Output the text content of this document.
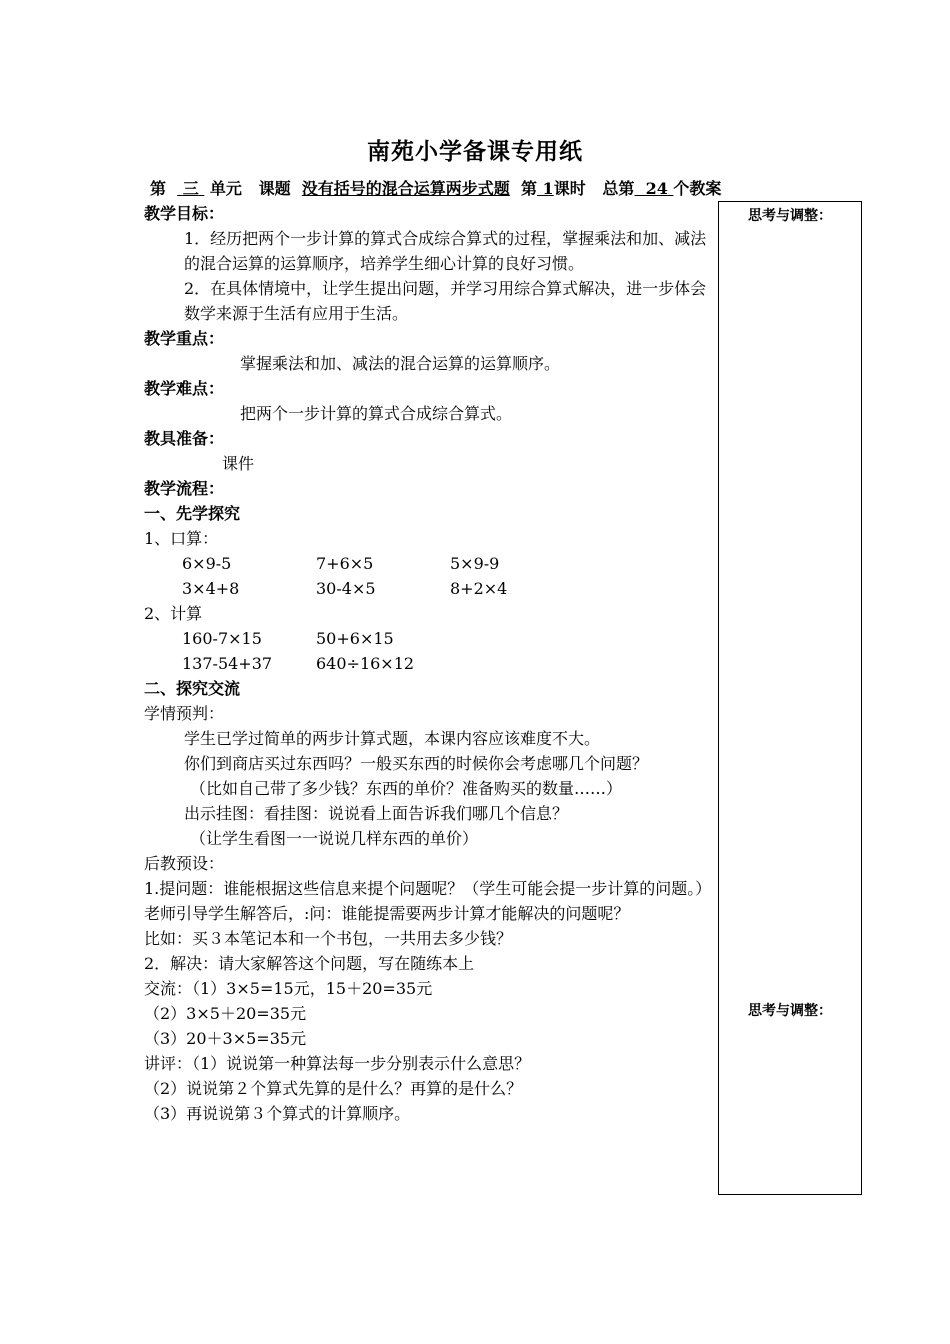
南苑小学备课专用纸
第 三 单元 课题 没有括号的混合运算两步式题 第 1课时 总第 24 个教案

教学目标：

1．经历把两个一步计算的算式合成综合算式的过程，掌握乘法和加、减法的混合运算的运算顺序，培养学生细心计算的良好习惯。

2．在具体情境中，让学生提出问题，并学习用综合算式解决，进一步体会数学来源于生活有应用于生活。

教学重点：

掌握乘法和加、减法的混合运算的运算顺序。

教学难点：

把两个一步计算的算式合成综合算式。

教具准备：

课件

教学流程：

一、先学探究

1、口算：

6×9-5	7+6×5	5×9-9
3×4+8	30-4×5	8+2×4

2、计算

160-7×15	50+6×15
137-54+37	640÷16×12

二、探究交流

学情预判：

学生已学过简单的两步计算式题，本课内容应该难度不大。

你们到商店买过东西吗？一般买东西的时候你会考虑哪几个问题？

（比如自己带了多少钱？东西的单价？准备购买的数量……）

出示挂图：看挂图：说说看上面告诉我们哪几个信息？

（让学生看图一一说说几样东西的单价）

后教预设：

1.提问题：谁能根据这些信息来提个问题呢？（学生可能会提一步计算的问题。）

老师引导学生解答后，:问：谁能提需要两步计算才能解决的问题呢？

比如：买３本笔记本和一个书包，一共用去多少钱？

2．解决：请大家解答这个问题，写在随练本上

交流：（1）3×5=15元，15＋20=35元

（2）3×5＋20=35元

（3）20＋3×5=35元

讲评：（1）说说第一种算法每一步分别表示什么意思？

（2）说说第２个算式先算的是什么？再算的是什么？

（3）再说说第３个算式的计算顺序。

思考与调整：
思考与调整：
